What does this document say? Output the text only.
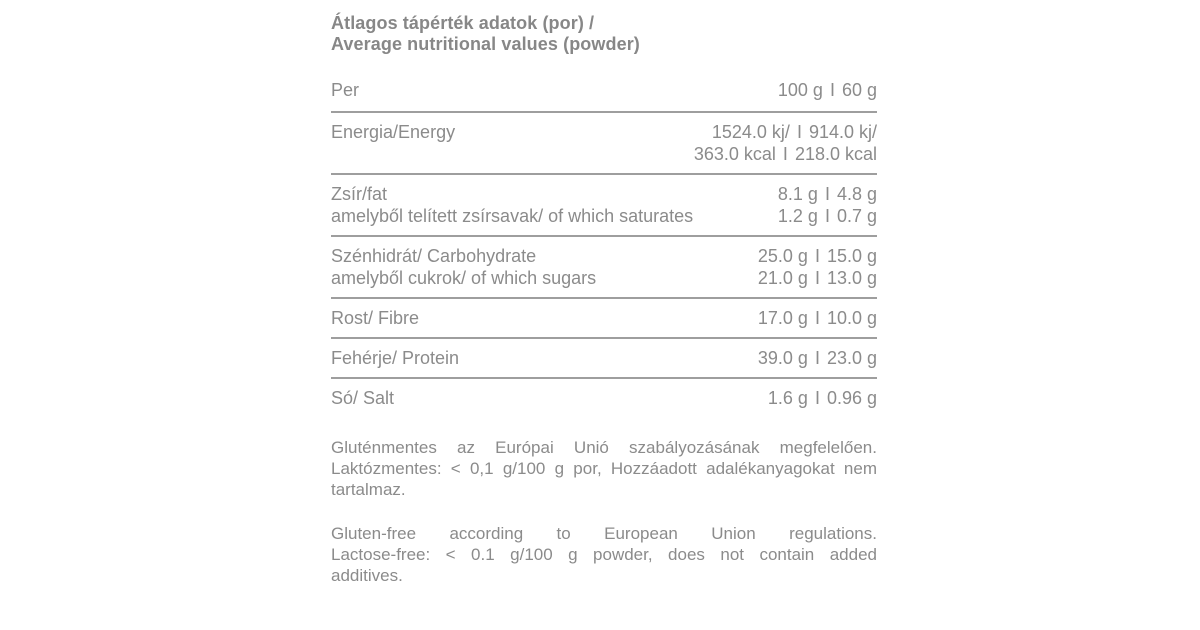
Átlagos tápérték adatok (por) /
Average nutritional values (powder)
Per	100 g I 60 g
Energia/Energy	1524.0 kj/ I 914.0 kj/
363.0 kcal I 218.0 kcal
Zsír/fat	8.1 g I 4.8 g
amelyből telített zsírsavak/ of which saturates	1.2 g I 0.7 g
Szénhidrát/ Carbohydrate	25.0 g I 15.0 g
amelyből cukrok/ of which sugars	21.0 g I 13.0 g
Rost/ Fibre	17.0 g I 10.0 g
Fehérje/ Protein	39.0 g I 23.0 g
Só/ Salt	1.6 g I 0.96 g
Gluténmentes az Európai Unió szabályozásának megfelelően.
Laktózmentes: < 0,1 g/100 g por, Hozzáadott adalékanyagokat nem
tartalmaz.
Gluten-free according to European Union regulations.
Lactose-free: < 0.1 g/100 g powder, does not contain added
additives.
